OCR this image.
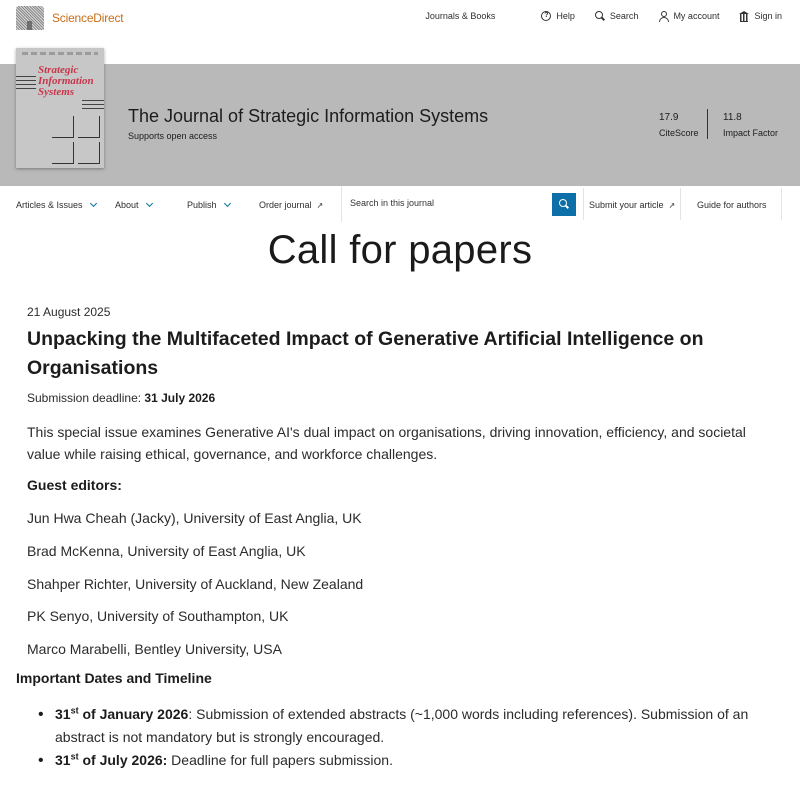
ScienceDirect	Journals & Books	? Help	Search	My account	Sign in
Strategic
Information
Systems
The Journal of Strategic Information Systems
Supports open access
17.9
CiteScore
11.8
Impact Factor
Articles & Issues	About	Publish	Order journal ↗
Search in this journal	Submit your article ↗ Guide for authors
Call for papers
21 August 2025
Unpacking the Multifaceted Impact of Generative Artificial Intelligence on Organisations
Submission deadline: 31 July 2026

This special issue examines Generative AI's dual impact on organisations, driving innovation, efficiency, and societal value while raising ethical, governance, and workforce challenges.

Guest editors:
Jun Hwa Cheah (Jacky), University of East Anglia, UK
Brad McKenna, University of East Anglia, UK
Shahper Richter, University of Auckland, New Zealand
PK Senyo, University of Southampton, UK
Marco Marabelli, Bentley University, USA
Important Dates and Timeline
• 31st of January 2026: Submission of extended abstracts (~1,000 words including references). Submission of an abstract is not mandatory but is strongly encouraged.
• 31st of July 2026: Deadline for full papers submission.
